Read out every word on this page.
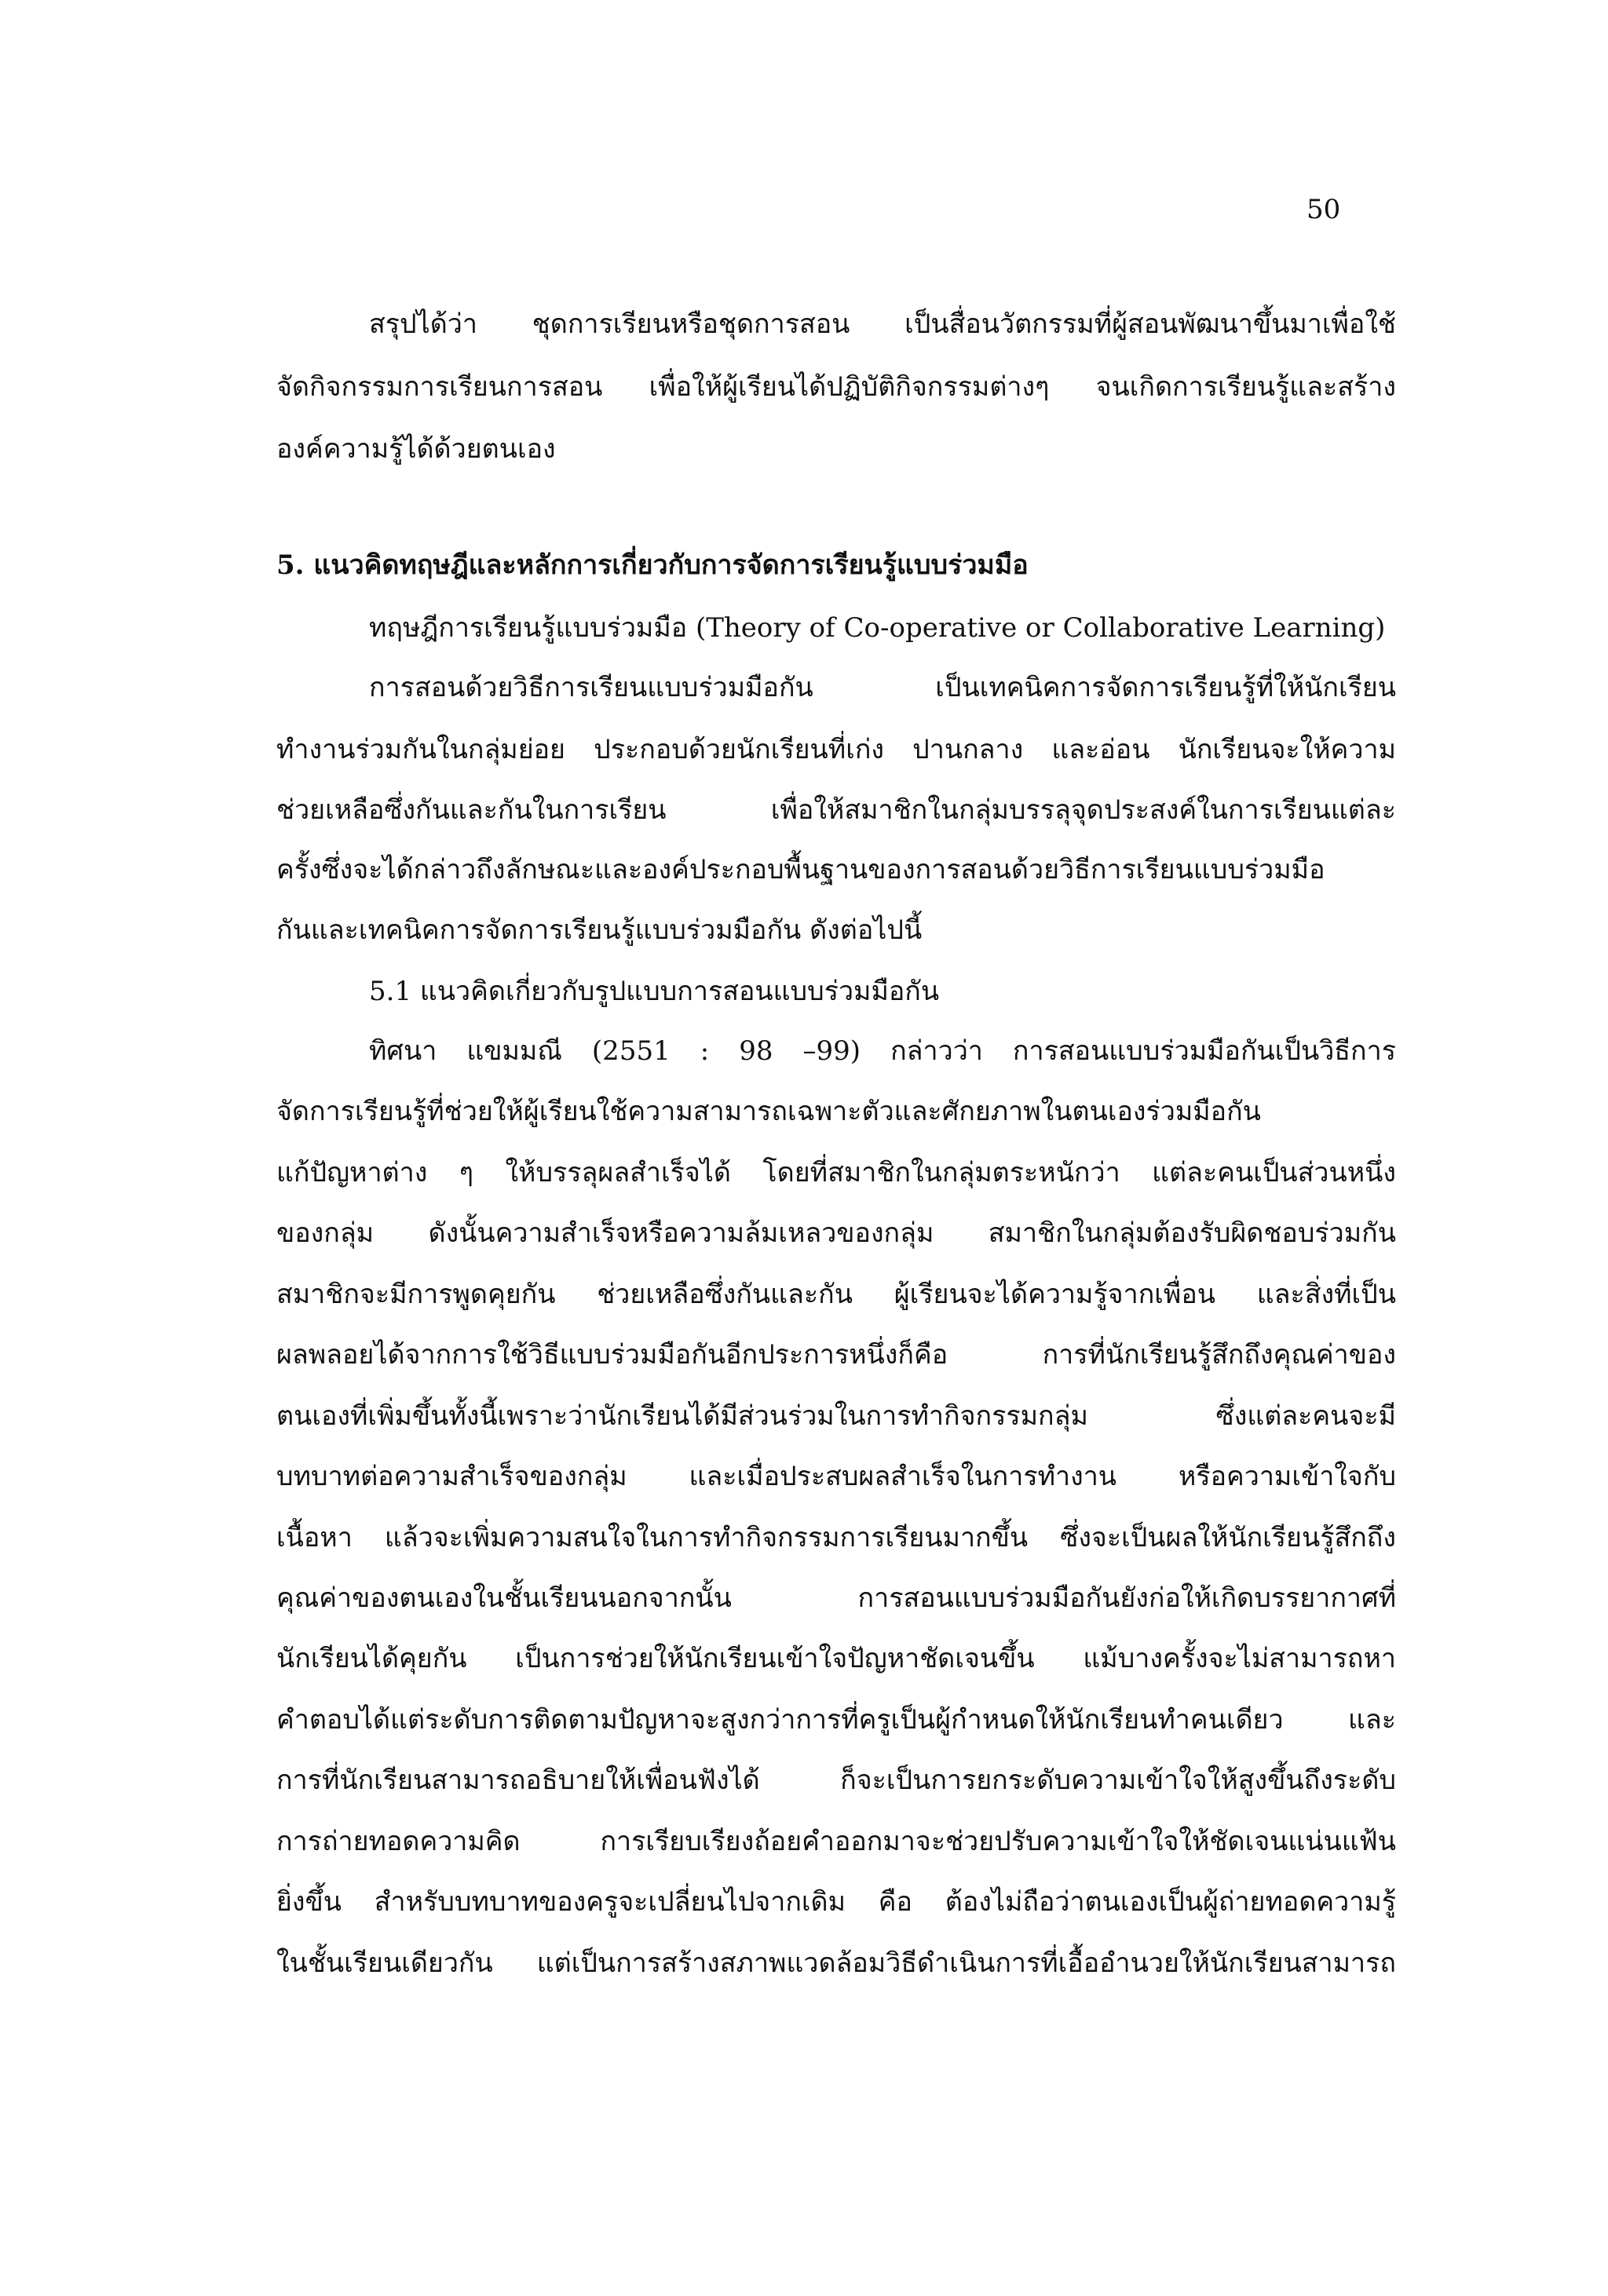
50
สรุปได้ว่า ชุดการเรียนหรือชุดการสอน เป็นสื่อนวัตกรรมที่ผู้สอนพัฒนาขึ้นมาเพื่อใช้
จัดกิจกรรมการเรียนการสอน เพื่อให้ผู้เรียนได้ปฏิบัติกิจกรรมต่างๆ จนเกิดการเรียนรู้และสร้าง
องค์ความรู้ได้ด้วยตนเอง
5. แนวคิดทฤษฎีและหลักการเกี่ยวกับการจัดการเรียนรู้แบบร่วมมือ
ทฤษฎีการเรียนรู้แบบร่วมมือ (Theory of Co-operative or Collaborative Learning)
การสอนด้วยวิธีการเรียนแบบร่วมมือกัน เป็นเทคนิคการจัดการเรียนรู้ที่ให้นักเรียน
ทำงานร่วมกันในกลุ่มย่อย ประกอบด้วยนักเรียนที่เก่ง ปานกลาง และอ่อน นักเรียนจะให้ความ
ช่วยเหลือซึ่งกันและกันในการเรียน เพื่อให้สมาชิกในกลุ่มบรรลุจุดประสงค์ในการเรียนแต่ละ
ครั้งซึ่งจะได้กล่าวถึงลักษณะและองค์ประกอบพื้นฐานของการสอนด้วยวิธีการเรียนแบบร่วมมือ
กันและเทคนิคการจัดการเรียนรู้แบบร่วมมือกัน ดังต่อไปนี้
5.1 แนวคิดเกี่ยวกับรูปแบบการสอนแบบร่วมมือกัน
ทิศนา แขมมณี (2551 : 98 –99) กล่าวว่า การสอนแบบร่วมมือกันเป็นวิธีการ
จัดการเรียนรู้ที่ช่วยให้ผู้เรียนใช้ความสามารถเฉพาะตัวและศักยภาพในตนเองร่วมมือกัน
แก้ปัญหาต่าง ๆ ให้บรรลุผลสำเร็จได้ โดยที่สมาชิกในกลุ่มตระหนักว่า แต่ละคนเป็นส่วนหนึ่ง
ของกลุ่ม ดังนั้นความสำเร็จหรือความล้มเหลวของกลุ่ม สมาชิกในกลุ่มต้องรับผิดชอบร่วมกัน
สมาชิกจะมีการพูดคุยกัน ช่วยเหลือซึ่งกันและกัน ผู้เรียนจะได้ความรู้จากเพื่อน และสิ่งที่เป็น
ผลพลอยได้จากการใช้วิธีแบบร่วมมือกันอีกประการหนึ่งก็คือ การที่นักเรียนรู้สึกถึงคุณค่าของ
ตนเองที่เพิ่มขึ้นทั้งนี้เพราะว่านักเรียนได้มีส่วนร่วมในการทำกิจกรรมกลุ่ม ซึ่งแต่ละคนจะมี
บทบาทต่อความสำเร็จของกลุ่ม และเมื่อประสบผลสำเร็จในการทำงาน หรือความเข้าใจกับ
เนื้อหา แล้วจะเพิ่มความสนใจในการทำกิจกรรมการเรียนมากขึ้น ซึ่งจะเป็นผลให้นักเรียนรู้สึกถึง
คุณค่าของตนเองในชั้นเรียนนอกจากนั้น การสอนแบบร่วมมือกันยังก่อให้เกิดบรรยากาศที่
นักเรียนได้คุยกัน เป็นการช่วยให้นักเรียนเข้าใจปัญหาชัดเจนขึ้น แม้บางครั้งจะไม่สามารถหา
คำตอบได้แต่ระดับการติดตามปัญหาจะสูงกว่าการที่ครูเป็นผู้กำหนดให้นักเรียนทำคนเดียว และ
การที่นักเรียนสามารถอธิบายให้เพื่อนฟังได้ ก็จะเป็นการยกระดับความเข้าใจให้สูงขึ้นถึงระดับ
การถ่ายทอดความคิด การเรียบเรียงถ้อยคำออกมาจะช่วยปรับความเข้าใจให้ชัดเจนแน่นแฟ้น
ยิ่งขึ้น สำหรับบทบาทของครูจะเปลี่ยนไปจากเดิม คือ ต้องไม่ถือว่าตนเองเป็นผู้ถ่ายทอดความรู้
ในชั้นเรียนเดียวกัน แต่เป็นการสร้างสภาพแวดล้อมวิธีดำเนินการที่เอื้ออำนวยให้นักเรียนสามารถ
